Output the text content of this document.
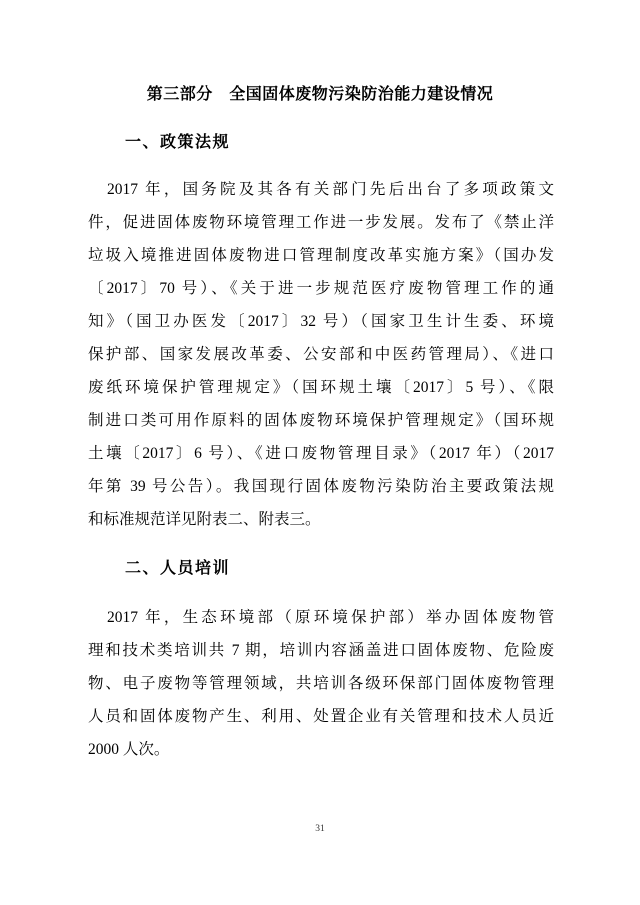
第三部分　全国固体废物污染防治能力建设情况
一、政策法规
2017 年，国务院及其各有关部门先后出台了多项政策文
件，促进固体废物环境管理工作进一步发展。发布了《禁止洋
垃圾入境推进固体废物进口管理制度改革实施方案》（国办发
〔2017〕70 号）、《关于进一步规范医疗废物管理工作的通
知》（国卫办医发〔2017〕32 号）（国家卫生计生委、环境
保护部、国家发展改革委、公安部和中医药管理局）、《进口
废纸环境保护管理规定》（国环规土壤〔2017〕5 号）、《限
制进口类可用作原料的固体废物环境保护管理规定》（国环规
土壤〔2017〕6 号）、《进口废物管理目录》（2017 年）（2017
年第 39 号公告）。我国现行固体废物污染防治主要政策法规
和标准规范详见附表二、附表三。
二、人员培训
2017 年，生态环境部（原环境保护部）举办固体废物管
理和技术类培训共 7 期，培训内容涵盖进口固体废物、危险废
物、电子废物等管理领域，共培训各级环保部门固体废物管理
人员和固体废物产生、利用、处置企业有关管理和技术人员近
2000 人次。
31
